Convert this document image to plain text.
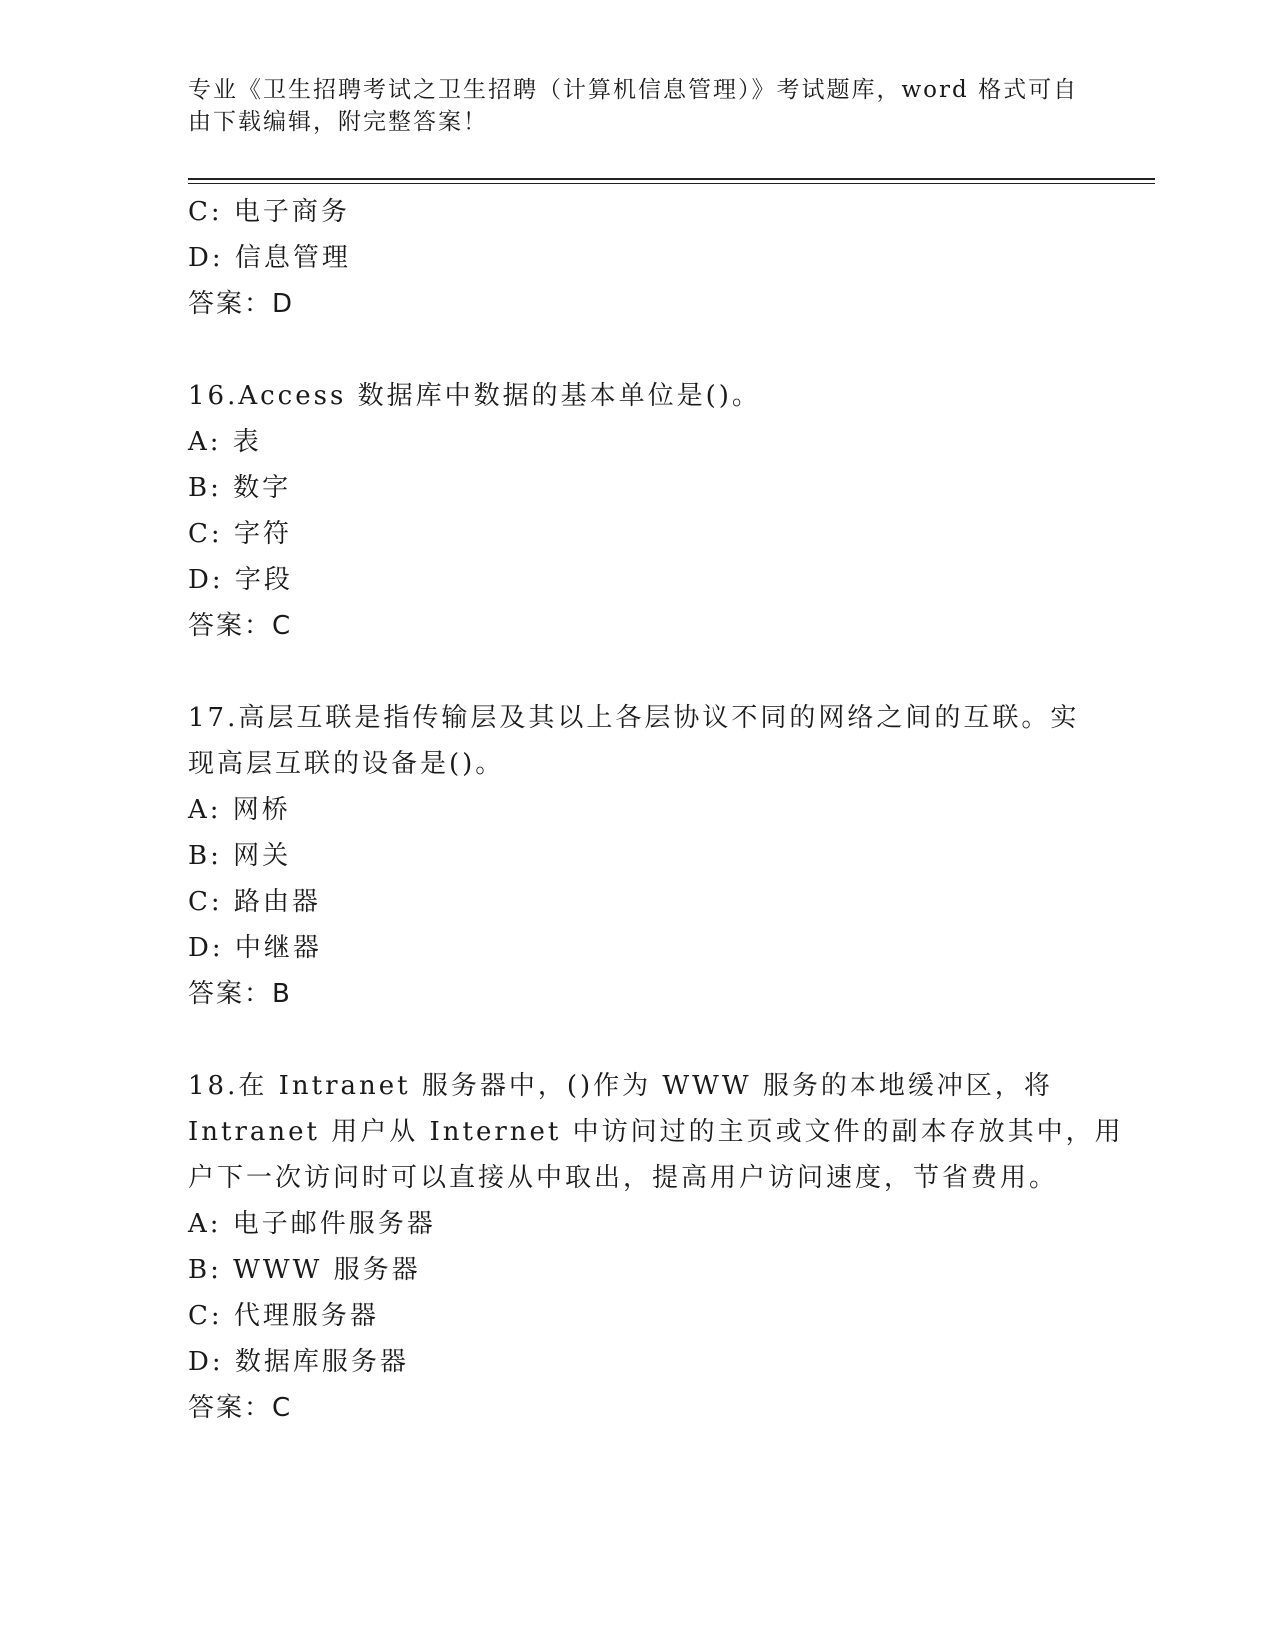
专业《卫生招聘考试之卫生招聘（计算机信息管理）》考试题库，word 格式可自
由下载编辑，附完整答案！
C: 电子商务
D: 信息管理
答案：D
16.Access 数据库中数据的基本单位是()。
A: 表
B: 数字
C: 字符
D: 字段
答案：C
17.高层互联是指传输层及其以上各层协议不同的网络之间的互联。实
现高层互联的设备是()。
A: 网桥
B: 网关
C: 路由器
D: 中继器
答案：B
18.在 Intranet 服务器中，()作为 WWW 服务的本地缓冲区，将
Intranet 用户从 Internet 中访问过的主页或文件的副本存放其中，用
户下一次访问时可以直接从中取出，提高用户访问速度，节省费用。
A: 电子邮件服务器
B: WWW 服务器
C: 代理服务器
D: 数据库服务器
答案：C
